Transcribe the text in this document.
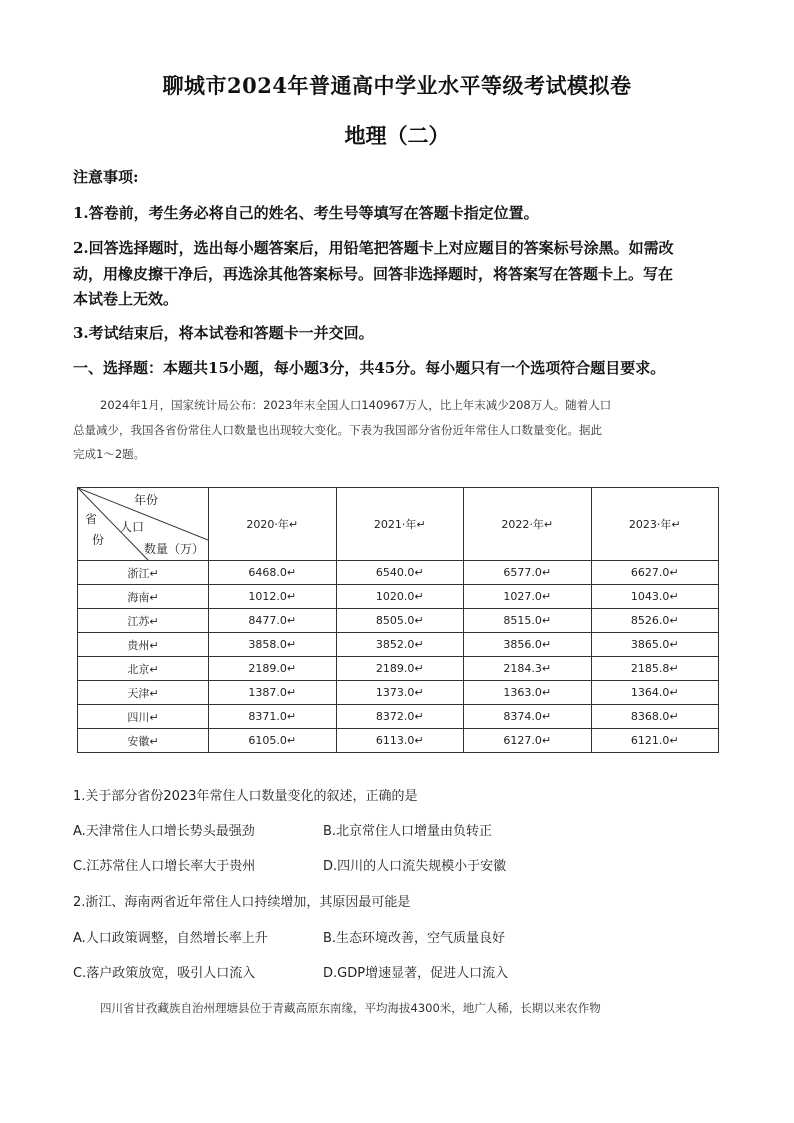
聊城市2024年普通高中学业水平等级考试模拟卷
地理（二）
注意事项:
1.答卷前，考生务必将自己的姓名、考生号等填写在答题卡指定位置。
2.回答选择题时，选出每小题答案后，用铅笔把答题卡上对应题目的答案标号涂黑。如需改
动，用橡皮擦干净后，再选涂其他答案标号。回答非选择题时，将答案写在答题卡上。写在
本试卷上无效。
3.考试结束后，将本试卷和答题卡一并交回。
一、选择题：本题共15小题，每小题3分，共45分。每小题只有一个选项符合题目要求。
2024年1月，国家统计局公布：2023年末全国人口140967万人，比上年末减少208万人。随着人口
总量减少，我国各省份常住人口数量也出现较大变化。下表为我国部分省份近年常住人口数量变化。据此
完成1～2题。
年份
省
份
人口
数量（万）	2020·年↵	2021·年↵	2022·年↵	2023·年↵
浙江↵	6468.0↵	6540.0↵	6577.0↵	6627.0↵
海南↵	1012.0↵	1020.0↵	1027.0↵	1043.0↵
江苏↵	8477.0↵	8505.0↵	8515.0↵	8526.0↵
贵州↵	3858.0↵	3852.0↵	3856.0↵	3865.0↵
北京↵	2189.0↵	2189.0↵	2184.3↵	2185.8↵
天津↵	1387.0↵	1373.0↵	1363.0↵	1364.0↵
四川↵	8371.0↵	8372.0↵	8374.0↵	8368.0↵
安徽↵	6105.0↵	6113.0↵	6127.0↵	6121.0↵
1.关于部分省份2023年常住人口数量变化的叙述，正确的是
A.天津常住人口增长势头最强劲	B.北京常住人口增量由负转正
C.江苏常住人口增长率大于贵州	D.四川的人口流失规模小于安徽
2.浙江、海南两省近年常住人口持续增加，其原因最可能是
A.人口政策调整，自然增长率上升	B.生态环境改善，空气质量良好
C.落户政策放宽，吸引人口流入	D.GDP增速显著，促进人口流入
四川省甘孜藏族自治州理塘县位于青藏高原东南缘，平均海拔4300米，地广人稀，长期以来农作物
